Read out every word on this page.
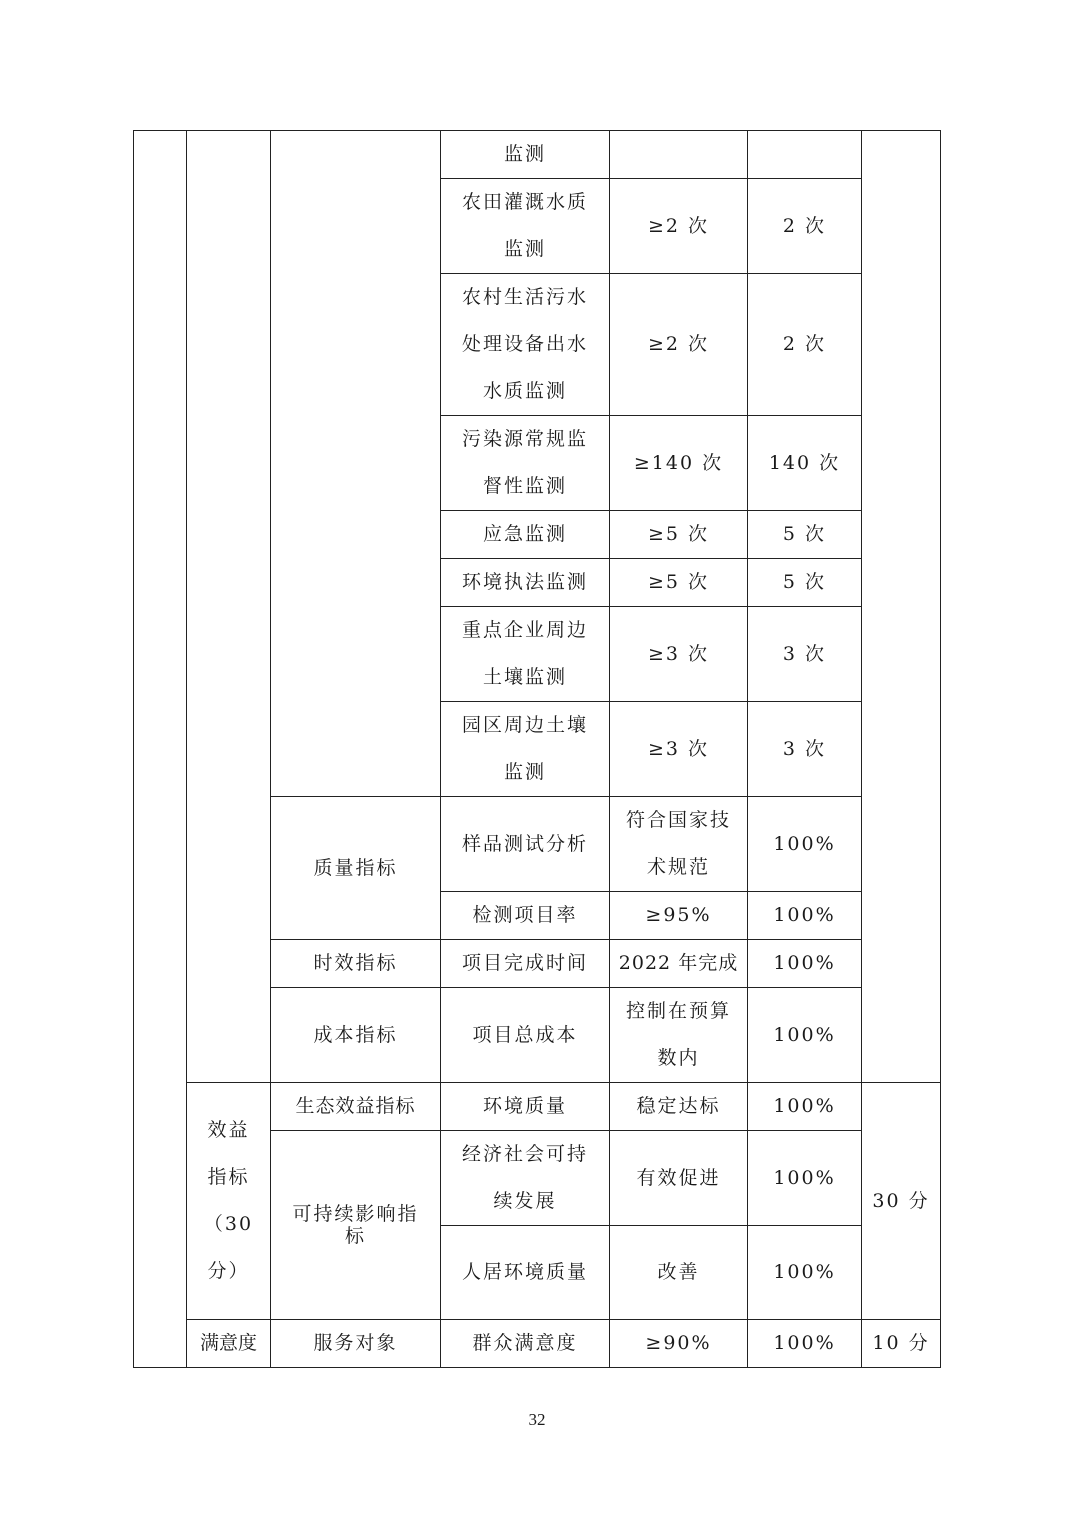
			监测			
			农田灌溉水质监测	≥2 次	2 次	
			农村生活污水处理设备出水水质监测	≥2 次	2 次	
			污染源常规监督性监测	≥140 次	140 次	
			应急监测	≥5 次	5 次	
			环境执法监测	≥5 次	5 次	
			重点企业周边土壤监测	≥3 次	3 次	
			园区周边土壤监测	≥3 次	3 次	
		质量指标	样品测试分析	符合国家技术规范	100%	
			检测项目率	≥95%	100%	
		时效指标	项目完成时间	2022 年完成	100%	
		成本指标	项目总成本	控制在预算数内	100%	
	效益指标（30分）	生态效益指标	环境质量	稳定达标	100%	30 分
		可持续影响指标	经济社会可持续发展	有效促进	100%	
			人居环境质量	改善	100%	
	满意度	服务对象	群众满意度	≥90%	100%	10 分
32
